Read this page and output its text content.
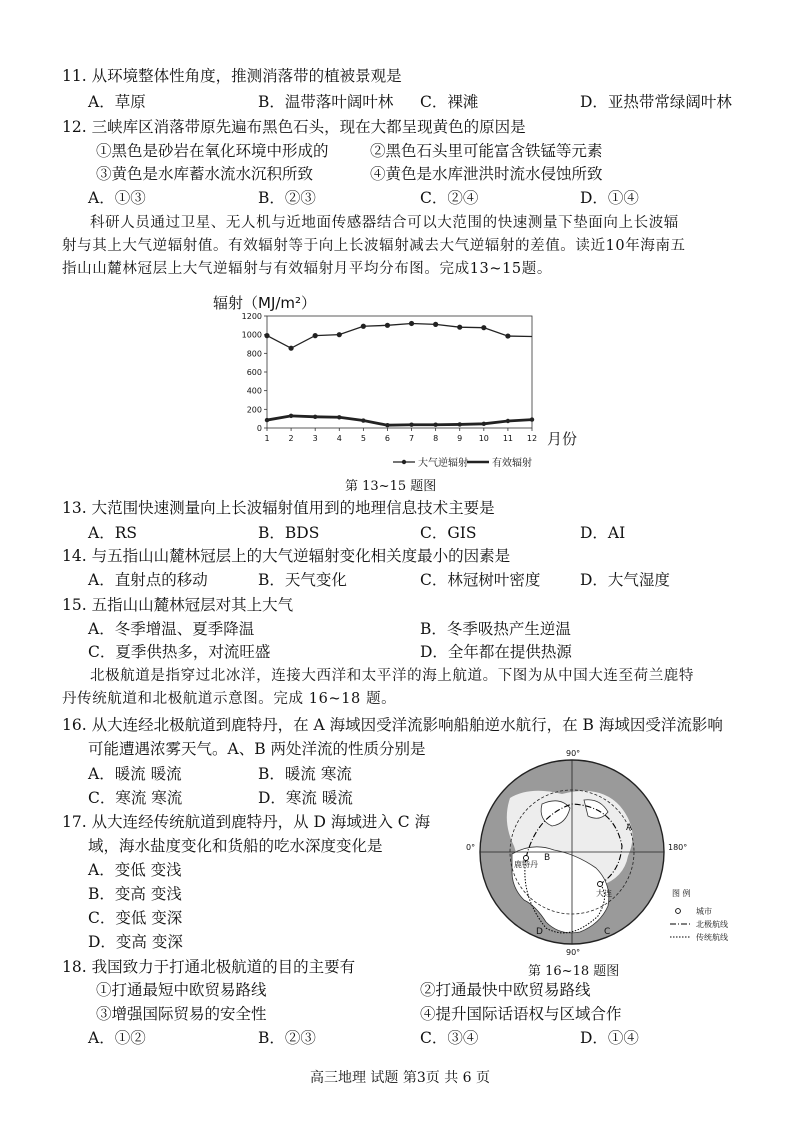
11. 从环境整体性角度，推测消落带的植被景观是
A．草原	B．温带落叶阔叶林 C．裸滩	D．亚热带常绿阔叶林
12. 三峡库区消落带原先遍布黑色石头，现在大都呈现黄色的原因是
①黑色是砂岩在氧化环境中形成的	②黑色石头里可能富含铁锰等元素
③黄色是水库蓄水流水沉积所致	④黄色是水库泄洪时流水侵蚀所致
A．①③	B．②③	C．②④	D．①④
科研人员通过卫星、无人机与近地面传感器结合可以大范围的快速测量下垫面向上长波辐
射与其上大气逆辐射值。有效辐射等于向上长波辐射减去大气逆辐射的差值。读近10年海南五
指山山麓林冠层上大气逆辐射与有效辐射月平均分布图。完成13~15题。
辐射（MJ/m²）
0
200
400
600
800
1000
1200
1 2 3 4 5 6 7 8 9 10 11 12 月份
大气逆辐射 有效辐射
第 13~15 题图
13. 大范围快速测量向上长波辐射值用到的地理信息技术主要是
A．RS	B．BDS	C．GIS	D．AI
14. 与五指山山麓林冠层上的大气逆辐射变化相关度最小的因素是
A．直射点的移动	B．天气变化	C．林冠树叶密度	D．大气湿度
15. 五指山山麓林冠层对其上大气
A．冬季增温、夏季降温	B．冬季吸热产生逆温
C．夏季供热多，对流旺盛	D．全年都在提供热源
北极航道是指穿过北冰洋，连接大西洋和太平洋的海上航道。下图为从中国大连至荷兰鹿特
丹传统航道和北极航道示意图。完成 16~18 题。
16. 从大连经北极航道到鹿特丹，在 A 海域因受洋流影响船舶逆水航行，在 B 海域因受洋流影响
可能遭遇浓雾天气。A、B 两处洋流的性质分别是
A．暖流 暖流	B．暖流 寒流
C．寒流 寒流	D．寒流 暖流
17. 从大连经传统航道到鹿特丹，从 D 海域进入 C 海
域，海水盐度变化和货船的吃水深度变化是
A．变低 变浅
B．变高 变浅
C．变低 变深
D．变高 变深
90°
0°	180°
90°
鹿特丹
大连
A
B
C
D
图 例
城市
北极航线
传统航线
第 16~18 题图
18. 我国致力于打通北极航道的目的主要有
①打通最短中欧贸易路线	②打通最快中欧贸易路线
③增强国际贸易的安全性	④提升国际话语权与区域合作
A．①②	B．②③	C．③④	D．①④
高三地理 试题 第3页 共 6 页
